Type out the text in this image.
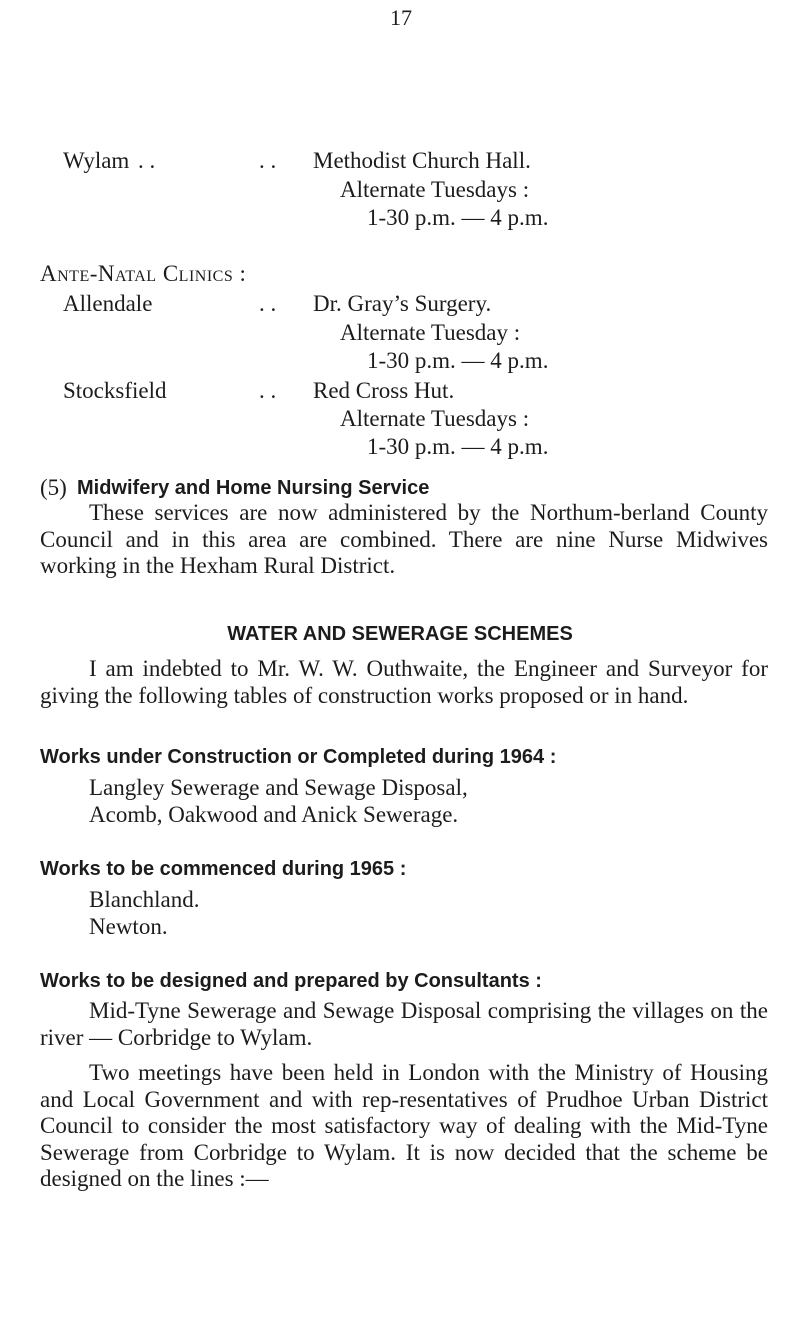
17
Wylam . .	. . Methodist Church Hall.
Alternate Tuesdays :
1-30 p.m. — 4 p.m.
Ante-Natal Clinics :
Allendale	. . Dr. Gray’s Surgery.
Alternate Tuesday :
1-30 p.m. — 4 p.m.
Stocksfield	. . Red Cross Hut.
Alternate Tuesdays :
1-30 p.m. — 4 p.m.
(5) Midwifery and Home Nursing Service

These services are now administered by the Northum-berland County Council and in this area are combined. There are nine Nurse Midwives working in the Hexham Rural District.

WATER AND SEWERAGE SCHEMES

I am indebted to Mr. W. W. Outhwaite, the Engineer and Surveyor for giving the following tables of construction works proposed or in hand.

Works under Construction or Completed during 1964 :
Langley Sewerage and Sewage Disposal,
Acomb, Oakwood and Anick Sewerage.
Works to be commenced during 1965 :
Blanchland.
Newton.
Works to be designed and prepared by Consultants :

Mid-Tyne Sewerage and Sewage Disposal comprising the villages on the river — Corbridge to Wylam.

Two meetings have been held in London with the Ministry of Housing and Local Government and with rep-resentatives of Prudhoe Urban District Council to consider the most satisfactory way of dealing with the Mid-Tyne Sewerage from Corbridge to Wylam. It is now decided that the scheme be designed on the lines :—
